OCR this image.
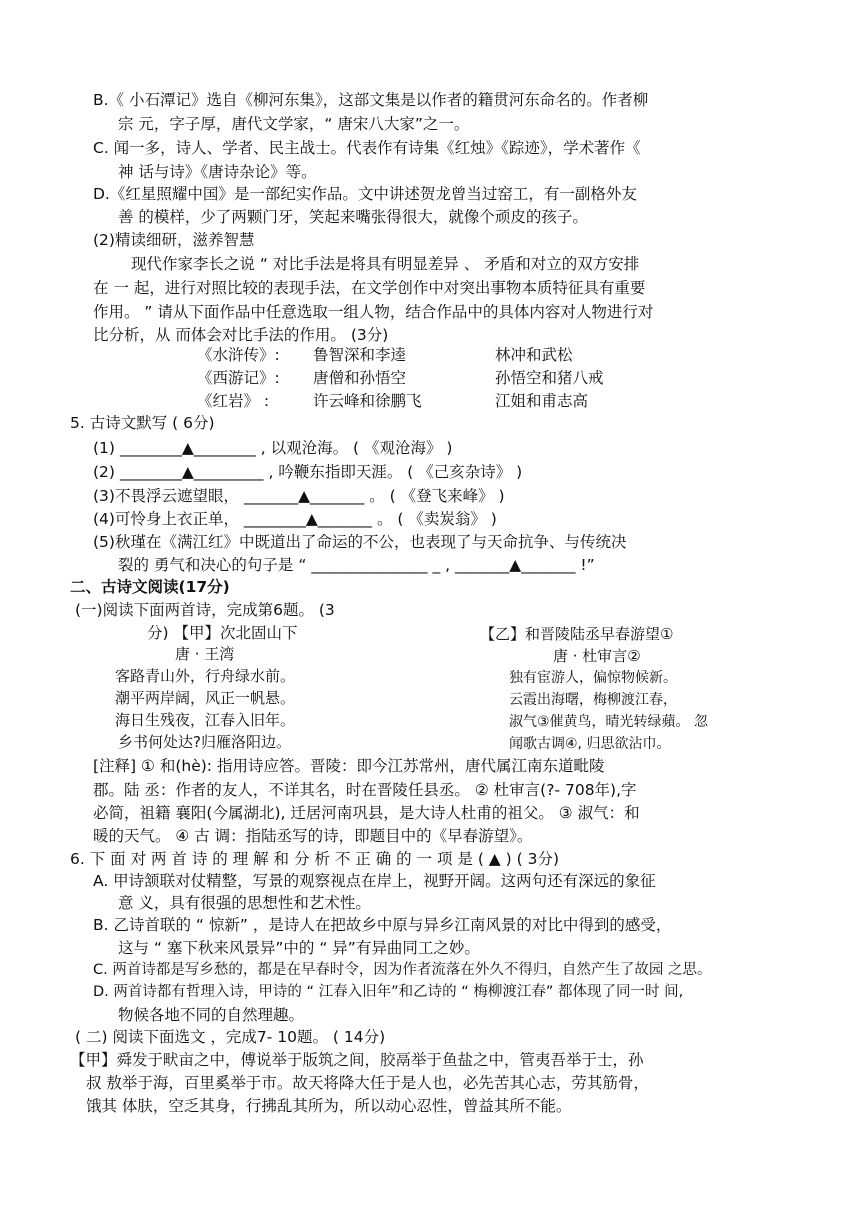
B.《 小石潭记》选自《柳河东集》，这部文集是以作者的籍贯河东命名的。作者柳
宗 元，字子厚，唐代文学家，“ 唐宋八大家”之一。
C. 闻一多，诗人、学者、民主战士。代表作有诗集《红烛》《踪迹》，学术著作《
神 话与诗》《唐诗杂论》等。
D.《红星照耀中国》是一部纪实作品。文中讲述贺龙曾当过窑工，有一副格外友
善 的模样，少了两颗门牙，笑起来嘴张得很大，就像个顽皮的孩子。
(2)精读细研，滋养智慧
现代作家李长之说 “ 对比手法是将具有明显差异 、 矛盾和对立的双方安排
在 一 起，进行对照比较的表现手法，在文学创作中对突出事物本质特征具有重要
作用。 ” 请从下面作品中任意选取一组人物，结合作品中的具体内容对人物进行对
比分析，从 而体会对比手法的作用。 (3分)
《水浒传》: 鲁智深和李逵	林冲和武松
《西游记》: 唐僧和孙悟空	孙悟空和猪八戒
《红岩》 :	许云峰和徐鹏飞	江姐和甫志高
5. 古诗文默写 ( 6分)
(1) ________▲________ , 以观沧海。 ( 《观沧海》 )
(2) ________▲_________ , 吟鞭东指即天涯。 ( 《己亥杂诗》 )
(3)不畏浮云遮望眼， _______▲_______ 。 ( 《登飞来峰》 )
(4)可怜身上衣正单， ________▲_______ 。 ( 《卖炭翁》 )
(5)秋瑾在《满江红》中既道出了命运的不公，也表现了与天命抗争、与传统决
裂的 勇气和决心的句子是 “ _______________ _ , _______▲_______ !”
二、古诗文阅读(17分)
(一)阅读下面两首诗，完成第6题。 (3
分) 【甲】次北固山下
唐 · 王湾
客路青山外，行舟绿水前。
潮平两岸阔，风正一帆悬。
海日生残夜，江春入旧年。
乡书何处达?归雁洛阳边。
【乙】和晋陵陆丞早春游望①
唐 · 杜审言②
独有宦游人，偏惊物候新。
云霞出海曙，梅柳渡江春，
淑气③催黄鸟，晴光转绿蘋。 忽
闻歌古调④, 归思欲沾巾。
[注释] ① 和(hè): 指用诗应答。晋陵：即今江苏常州，唐代属江南东道毗陵
郡。陆 丞：作者的友人，不详其名，时在晋陵任县丞。 ② 杜审言(?- 708年),字
必简，祖籍 襄阳(今属湖北), 迁居河南巩县，是大诗人杜甫的祖父。 ③ 淑气：和
暖的天气。 ④ 古 调：指陆丞写的诗，即题目中的《早春游望》。
6. 下 面 对 两 首 诗 的 理 解 和 分 析 不 正 确 的 一 项 是 ( ▲ ) ( 3分)
A. 甲诗颔联对仗精整，写景的观察视点在岸上，视野开阔。这两句还有深远的象征
意 义，具有很强的思想性和艺术性。
B. 乙诗首联的 “ 惊新” ，是诗人在把故乡中原与异乡江南风景的对比中得到的感受，
这与 “ 塞下秋来风景异”中的 “ 异”有异曲同工之妙。
C. 两首诗都是写乡愁的，都是在早春时令，因为作者流落在外久不得归，自然产生了故园 之思。
D. 两首诗都有哲理入诗，甲诗的 “ 江春入旧年”和乙诗的 “ 梅柳渡江春” 都体现了同一时 间,
物候各地不同的自然理趣。
( 二) 阅读下面选文 ，完成7- 10题。 ( 14分)
【甲】舜发于畎亩之中，傅说举于版筑之间，胶鬲举于鱼盐之中，管夷吾举于士，孙
叔 敖举于海，百里奚举于市。故天将降大任于是人也，必先苦其心志，劳其筋骨，
饿其 体肤，空乏其身，行拂乱其所为，所以动心忍性，曾益其所不能。
